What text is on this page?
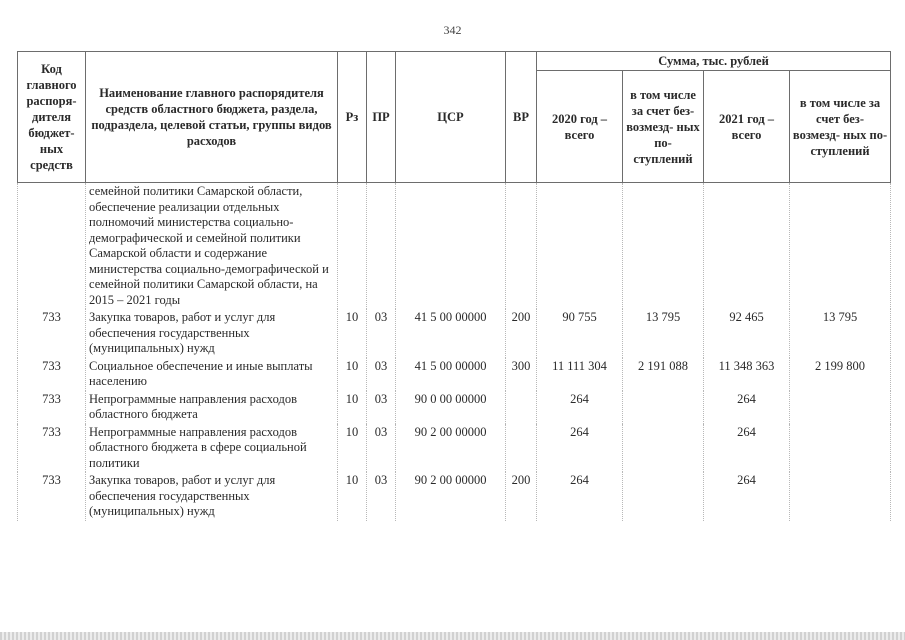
342
Код главного распоря- дителя бюджет- ных средств	Наименование главного распорядителя средств областного бюджета, раздела, подраздела, целевой статьи, группы видов расходов	Рз	ПР	ЦСР	ВР	Сумма, тыс. рублей			
						2020 год – всего	в том числе за счет без- возмезд- ных по- ступлений	2021 год – всего	в том числе за счет без- возмезд- ных по- ступлений
	семейной политики Самарской области, обеспечение реализации отдельных полномочий министерства социально-демографической и семейной политики Самарской области и содержание министерства социально-демографической и семейной политики Самарской области, на 2015 – 2021 годы								
733	Закупка товаров, работ и услуг для обеспечения государственных (муниципальных) нужд	10	03	41 5 00 00000	200	90 755	13 795	92 465	13 795
733	Социальное обеспечение и иные выплаты населению	10	03	41 5 00 00000	300	11 111 304	2 191 088	11 348 363	2 199 800
733	Непрограммные направления расходов областного бюджета	10	03	90 0 00 00000		264		264	
733	Непрограммные направления расходов областного бюджета в сфере социальной политики	10	03	90 2 00 00000		264		264	
733	Закупка товаров, работ и услуг для обеспечения государственных (муниципальных) нужд	10	03	90 2 00 00000	200	264		264	
